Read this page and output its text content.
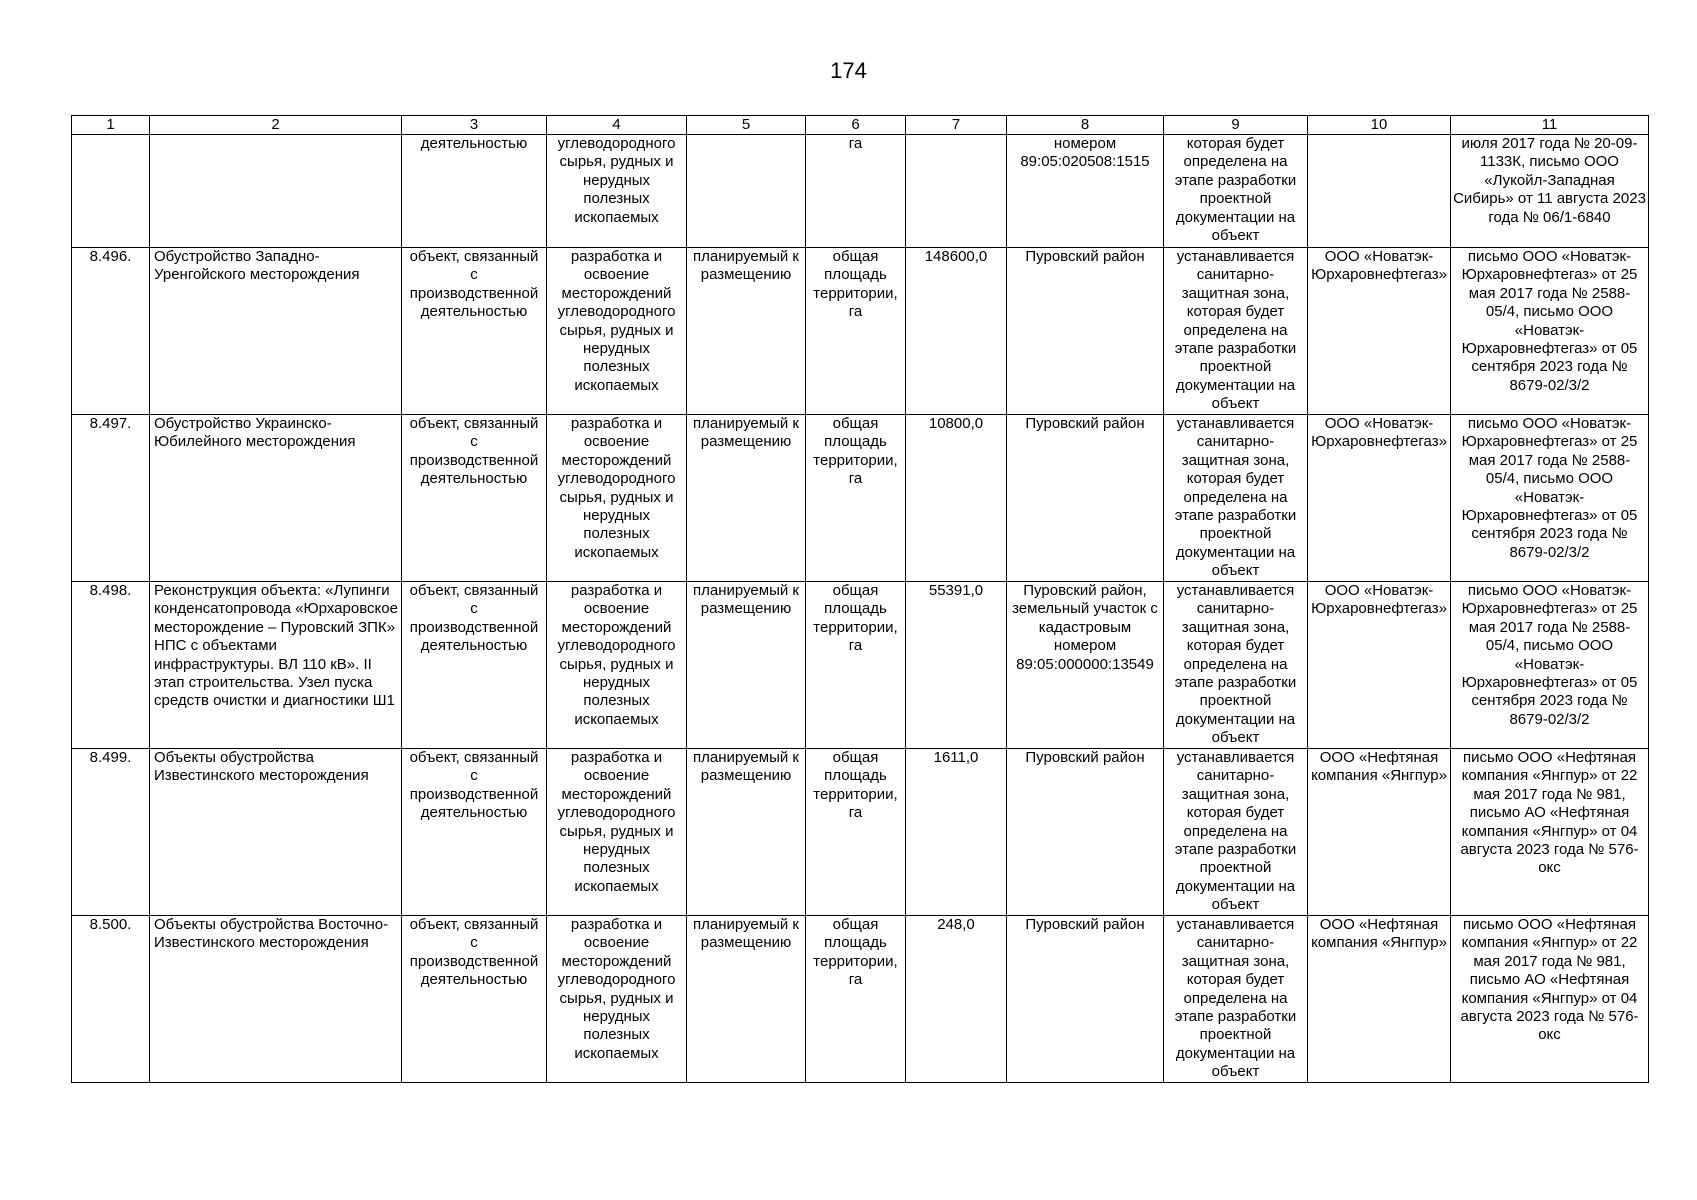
174
1	2	3	4	5	6	7	8	9	10	11
		деятельностью	углеводородного сырья, рудных и нерудных полезных ископаемых		га		номером 89:05:020508:1515	которая будет определена на этапе разработки проектной документации на объект		июля 2017 года № 20-09-1133К, письмо ООО «Лукойл-Западная Сибирь» от 11 августа 2023 года № 06/1-6840
8.496.	Обустройство Западно-Уренгойского месторождения	объект, связанный с производственной деятельностью	разработка и освоение месторождений углеводородного сырья, рудных и нерудных полезных ископаемых	планируемый к размещению	общая площадь территории, га	148600,0	Пуровский район	устанавливается санитарно-защитная зона, которая будет определена на этапе разработки проектной документации на объект	ООО «Новатэк-Юрхаровнефтегаз»	письмо ООО «Новатэк-Юрхаровнефтегаз» от 25 мая 2017 года № 2588-05/4, письмо ООО «Новатэк-Юрхаровнефтегаз» от 05 сентября 2023 года № 8679-02/3/2
8.497.	Обустройство Украинско-Юбилейного месторождения	объект, связанный с производственной деятельностью	разработка и освоение месторождений углеводородного сырья, рудных и нерудных полезных ископаемых	планируемый к размещению	общая площадь территории, га	10800,0	Пуровский район	устанавливается санитарно-защитная зона, которая будет определена на этапе разработки проектной документации на объект	ООО «Новатэк-Юрхаровнефтегаз»	письмо ООО «Новатэк-Юрхаровнефтегаз» от 25 мая 2017 года № 2588-05/4, письмо ООО «Новатэк-Юрхаровнефтегаз» от 05 сентября 2023 года № 8679-02/3/2
8.498.	Реконструкция объекта: «Лупинги конденсатопровода «Юрхаровское месторождение – Пуровский ЗПК» НПС с объектами инфраструктуры. ВЛ 110 кВ». II этап строительства. Узел пуска средств очистки и диагностики Ш1	объект, связанный с производственной деятельностью	разработка и освоение месторождений углеводородного сырья, рудных и нерудных полезных ископаемых	планируемый к размещению	общая площадь территории, га	55391,0	Пуровский район, земельный участок с кадастровым номером 89:05:000000:13549	устанавливается санитарно-защитная зона, которая будет определена на этапе разработки проектной документации на объект	ООО «Новатэк-Юрхаровнефтегаз»	письмо ООО «Новатэк-Юрхаровнефтегаз» от 25 мая 2017 года № 2588-05/4, письмо ООО «Новатэк-Юрхаровнефтегаз» от 05 сентября 2023 года № 8679-02/3/2
8.499.	Объекты обустройства Известинского месторождения	объект, связанный с производственной деятельностью	разработка и освоение месторождений углеводородного сырья, рудных и нерудных полезных ископаемых	планируемый к размещению	общая площадь территории, га	1611,0	Пуровский район	устанавливается санитарно-защитная зона, которая будет определена на этапе разработки проектной документации на объект	ООО «Нефтяная компания «Янгпур»	письмо ООО «Нефтяная компания «Янгпур» от 22 мая 2017 года № 981, письмо АО «Нефтяная компания «Янгпур» от 04 августа 2023 года № 576-окс
8.500.	Объекты обустройства Восточно-Известинского месторождения	объект, связанный с производственной деятельностью	разработка и освоение месторождений углеводородного сырья, рудных и нерудных полезных ископаемых	планируемый к размещению	общая площадь территории, га	248,0	Пуровский район	устанавливается санитарно-защитная зона, которая будет определена на этапе разработки проектной документации на объект	ООО «Нефтяная компания «Янгпур»	письмо ООО «Нефтяная компания «Янгпур» от 22 мая 2017 года № 981, письмо АО «Нефтяная компания «Янгпур» от 04 августа 2023 года № 576-окс
